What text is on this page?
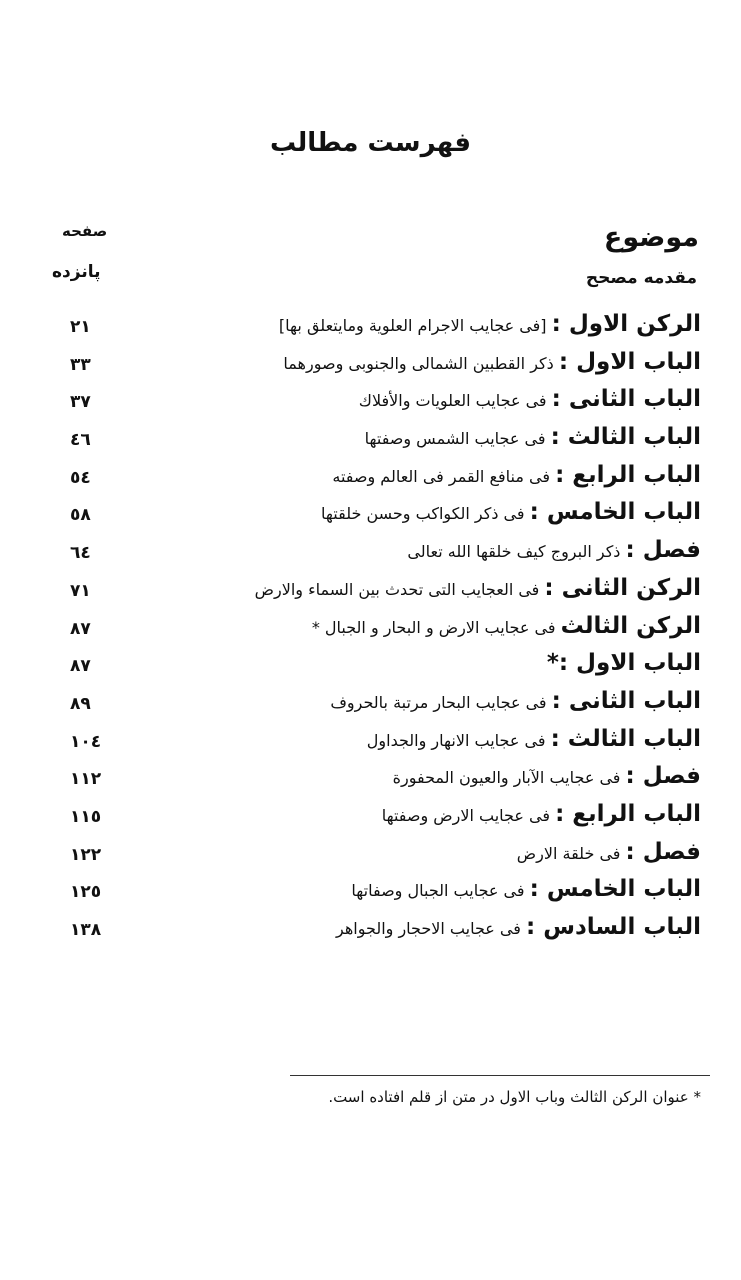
فهرست مطالب
موضوع
صفحه
پانزده	مقدمه مصحح
الرکن الاول : [فی عجایب الاجرام العلویة ومایتعلق بها]
۲۱
الباب الاول : ذکر القطبین الشمالی والجنوبی وصورهما
۳۳
الباب الثانی : فی عجایب العلویات والأفلاك
۳۷
الباب الثالث : فی عجایب الشمس وصفتها
٤٦
الباب الرابع : فی منافع القمر فی العالم وصفته
٥٤
الباب الخامس : فی ذکر الکواکب وحسن خلقتها
٥٨
فصل : ذکر البروج کیف خلقها الله تعالی
٦٤
الرکن الثانی : فی العجایب التی تحدث بین السماء والارض
۷۱
الرکن الثالث فی عجایب الارض و البحار و الجبال *
۸۷
الباب الاول :*
۸۷
الباب الثانی : فی عجایب البحار مرتبة بالحروف
۸۹
الباب الثالث : فی عجایب الانهار والجداول
۱۰٤
فصل : فی عجایب الآبار والعیون المحفورة
۱۱۲
الباب الرابع : فی عجایب الارض وصفتها
۱۱٥
فصل : فی خلقة الارض
۱۲۲
الباب الخامس : فی عجایب الجبال وصفاتها
۱۲٥
الباب السادس : فی عجایب الاحجار والجواهر
۱۳۸
* عنوان الرکن الثالث وباب الاول در متن از قلم افتاده است.
